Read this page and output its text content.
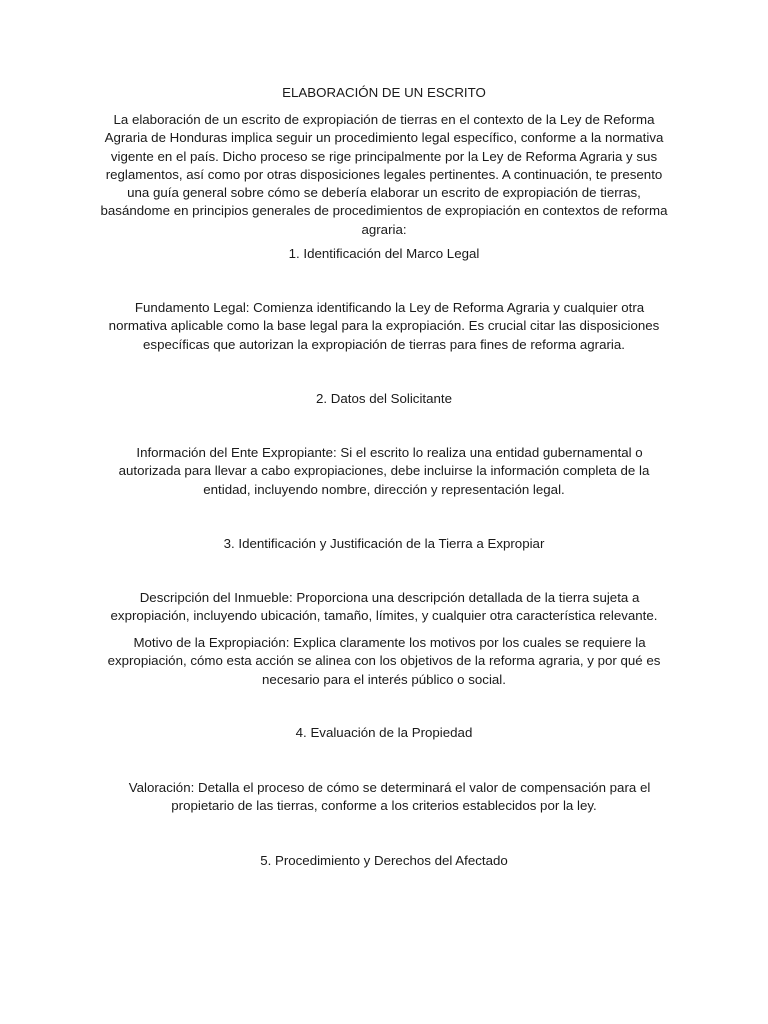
ELABORACIÓN DE UN ESCRITO

La elaboración de un escrito de expropiación de tierras en el contexto de la Ley de Reforma Agraria de Honduras implica seguir un procedimiento legal específico, conforme a la normativa vigente en el país. Dicho proceso se rige principalmente por la Ley de Reforma Agraria y sus reglamentos, así como por otras disposiciones legales pertinentes. A continuación, te presento una guía general sobre cómo se debería elaborar un escrito de expropiación de tierras, basándome en principios generales de procedimientos de expropiación en contextos de reforma agraria:

1. Identificación del Marco Legal

Fundamento Legal: Comienza identificando la Ley de Reforma Agraria y cualquier otra normativa aplicable como la base legal para la expropiación. Es crucial citar las disposiciones específicas que autorizan la expropiación de tierras para fines de reforma agraria.

2. Datos del Solicitante

Información del Ente Expropiante: Si el escrito lo realiza una entidad gubernamental o autorizada para llevar a cabo expropiaciones, debe incluirse la información completa de la entidad, incluyendo nombre, dirección y representación legal.

3. Identificación y Justificación de la Tierra a Expropiar

Descripción del Inmueble: Proporciona una descripción detallada de la tierra sujeta a expropiación, incluyendo ubicación, tamaño, límites, y cualquier otra característica relevante.

Motivo de la Expropiación: Explica claramente los motivos por los cuales se requiere la expropiación, cómo esta acción se alinea con los objetivos de la reforma agraria, y por qué es necesario para el interés público o social.

4. Evaluación de la Propiedad

Valoración: Detalla el proceso de cómo se determinará el valor de compensación para el propietario de las tierras, conforme a los criterios establecidos por la ley.

5. Procedimiento y Derechos del Afectado
